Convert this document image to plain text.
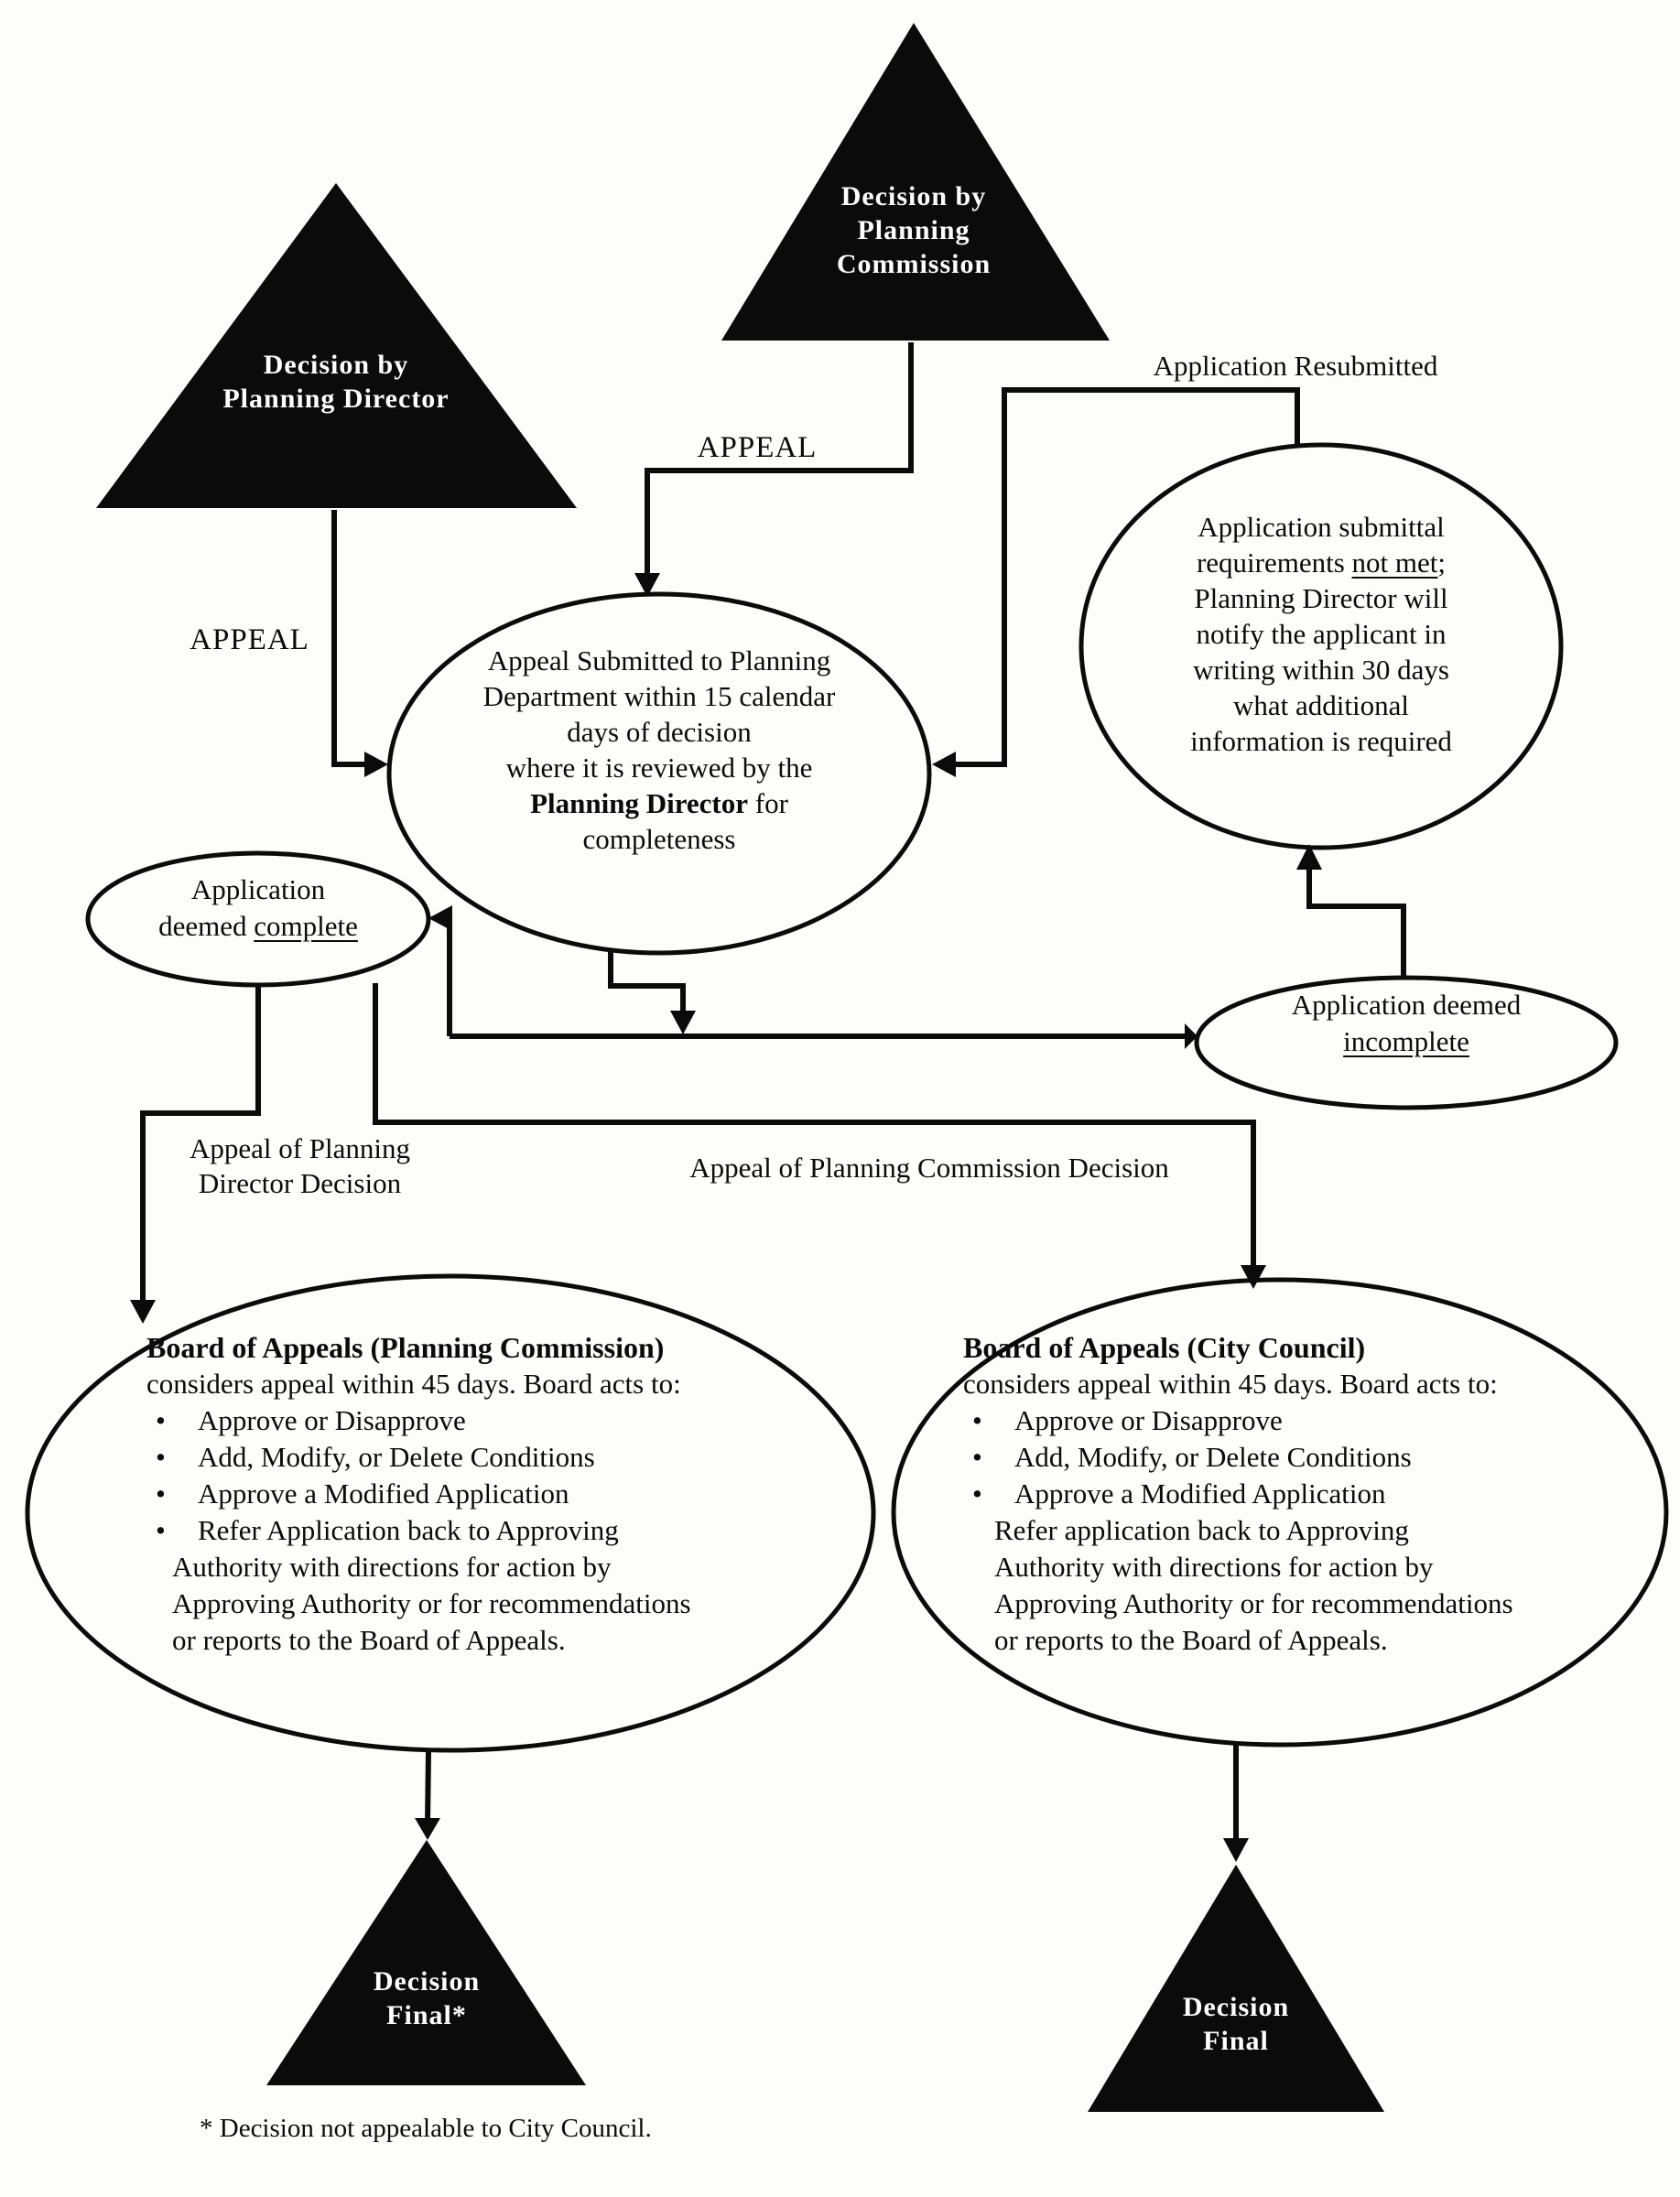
Decision by
Planning
Commission
Decision by
Planning Director
Decision
Final*	Decision
Final
APPEAL
APPEAL
Application Resubmitted
Appeal of Planning
Director Decision	Appeal of Planning Commission Decision
Appeal Submitted to Planning
Department within 15 calendar
days of decision
where it is reviewed by the
Planning Director for
completeness
Application submittal
requirements not met;
Planning Director will
notify the applicant in
writing within 30 days
what additional
information is required
Application
deemed complete
Application deemed
incomplete
Board of Appeals (Planning Commission)
considers appeal within 45 days. Board acts to:
•	Approve or Disapprove
•	Add, Modify, or Delete Conditions
•	Approve a Modified Application
•	Refer Application back to Approving
Authority with directions for action by
Approving Authority or for recommendations
or reports to the Board of Appeals.
Board of Appeals (City Council)
considers appeal within 45 days. Board acts to:
•	Approve or Disapprove
•	Add, Modify, or Delete Conditions
•	Approve a Modified Application
Refer application back to Approving
Authority with directions for action by
Approving Authority or for recommendations
or reports to the Board of Appeals.
* Decision not appealable to City Council.
